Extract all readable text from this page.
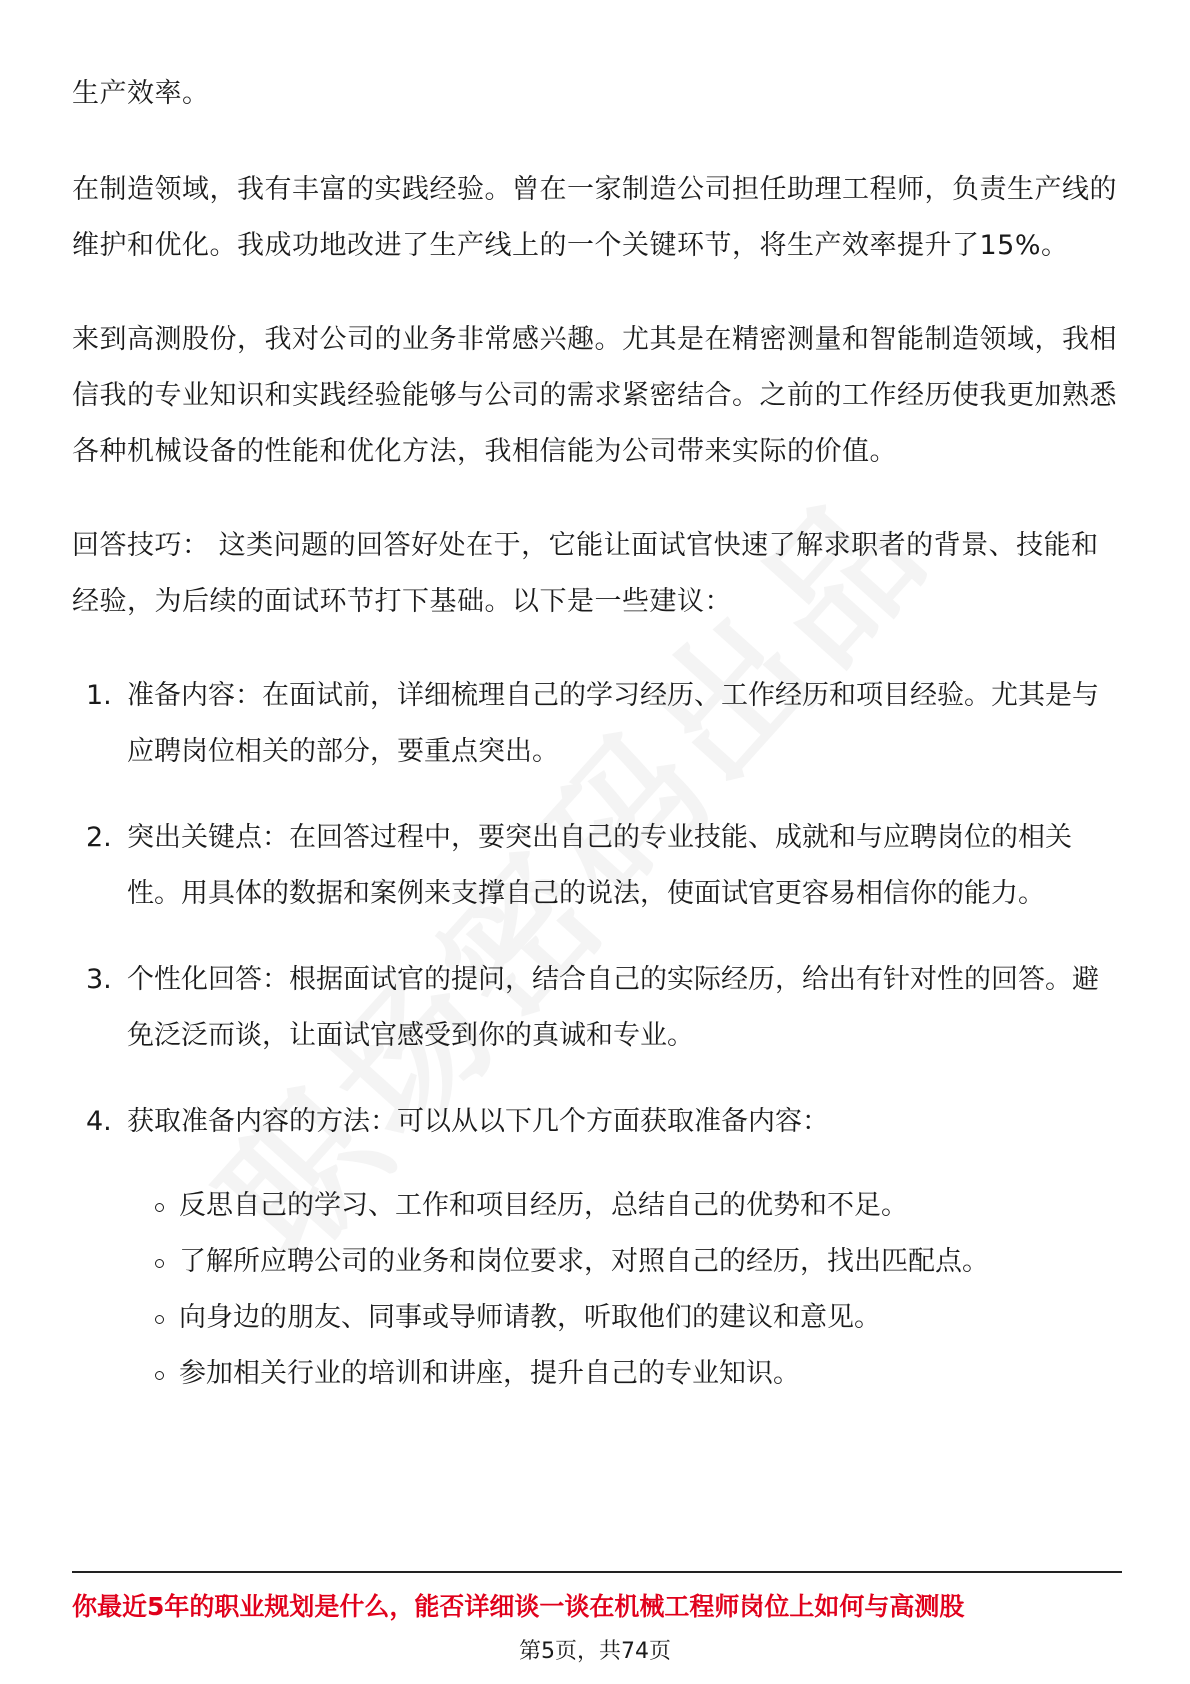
生产效率。

在制造领域，我有丰富的实践经验。曾在一家制造公司担任助理工程师，负责生产线的维护和优化。我成功地改进了生产线上的一个关键环节，将生产效率提升了15%。

来到高测股份，我对公司的业务非常感兴趣。尤其是在精密测量和智能制造领域，我相信我的专业知识和实践经验能够与公司的需求紧密结合。之前的工作经历使我更加熟悉各种机械设备的性能和优化方法，我相信能为公司带来实际的价值。

回答技巧： 这类问题的回答好处在于，它能让面试官快速了解求职者的背景、技能和经验，为后续的面试环节打下基础。以下是一些建议：

1. 准备内容：在面试前，详细梳理自己的学习经历、工作经历和项目经验。尤其是与应聘岗位相关的部分，要重点突出。
2. 突出关键点：在回答过程中，要突出自己的专业技能、成就和与应聘岗位的相关性。用具体的数据和案例来支撑自己的说法，使面试官更容易相信你的能力。
3. 个性化回答：根据面试官的提问，结合自己的实际经历，给出有针对性的回答。避免泛泛而谈，让面试官感受到你的真诚和专业。
4. 获取准备内容的方法：可以从以下几个方面获取准备内容：
反思自己的学习、工作和项目经历，总结自己的优势和不足。
了解所应聘公司的业务和岗位要求，对照自己的经历，找出匹配点。
向身边的朋友、同事或导师请教，听取他们的建议和意见。
参加相关行业的培训和讲座，提升自己的专业知识。
你最近5年的职业规划是什么，能否详细谈一谈在机械工程师岗位上如何与高测股
第5页，共74页
